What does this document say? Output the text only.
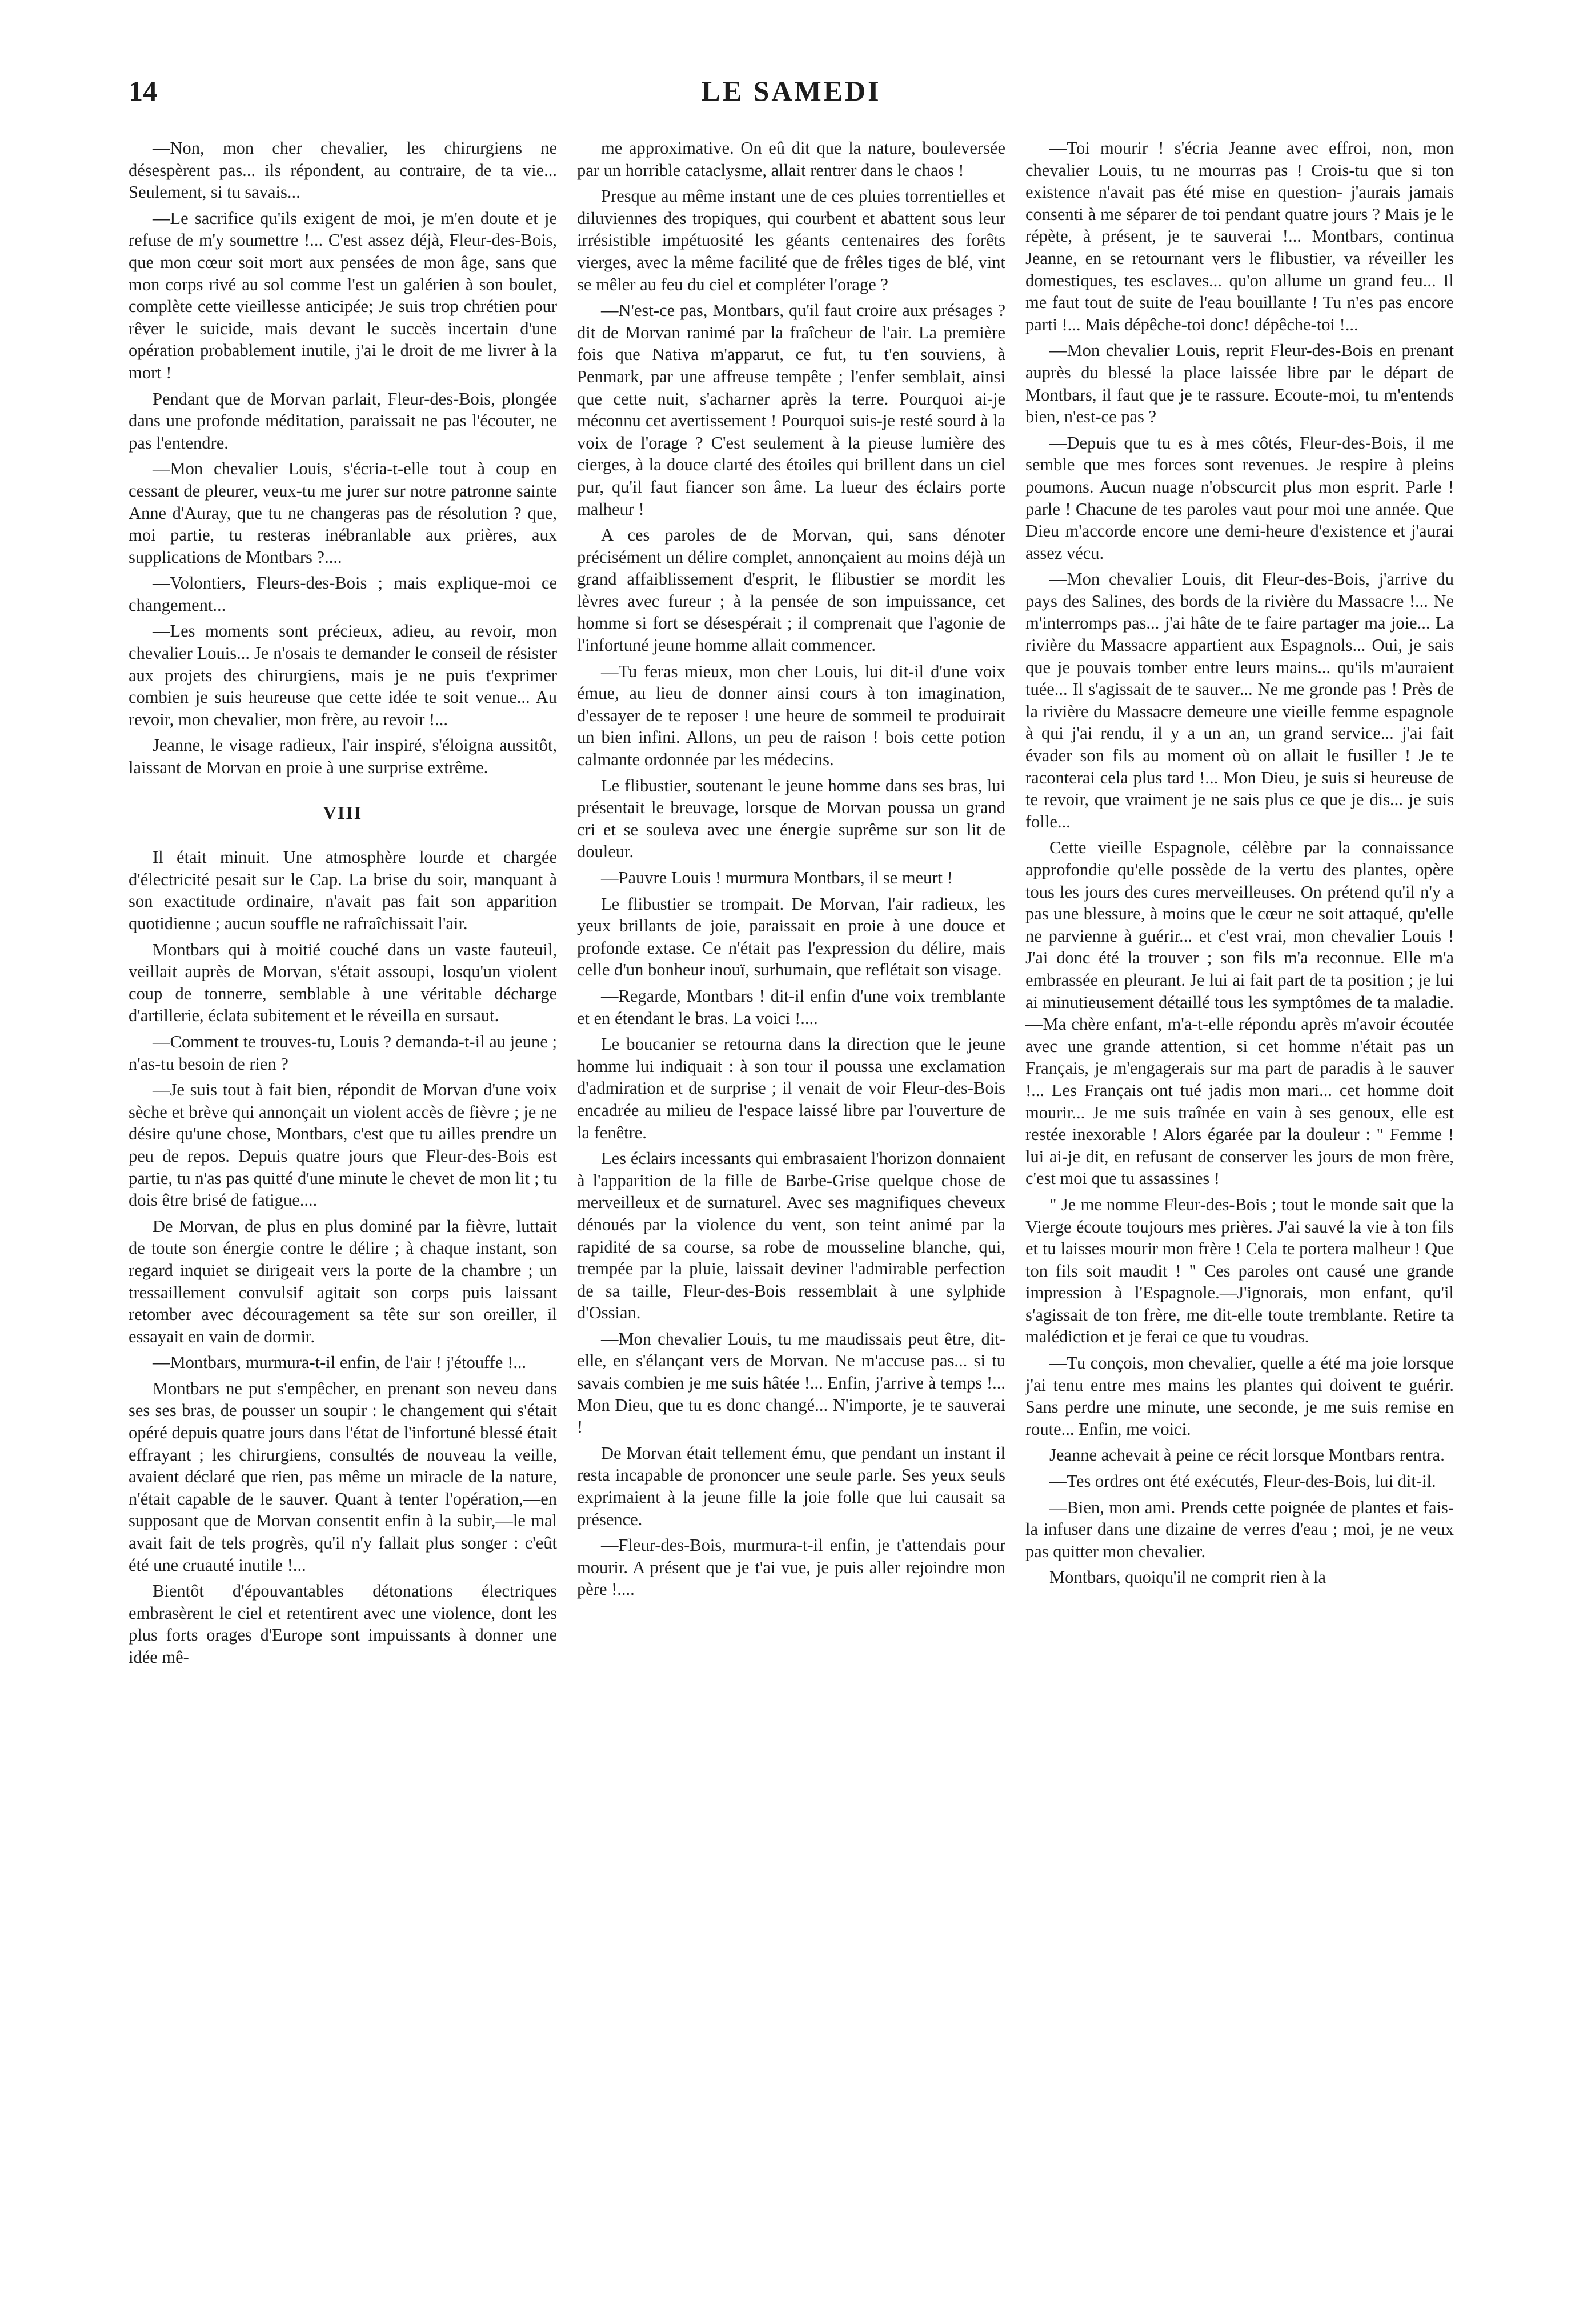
14	LE SAMEDI

—Non, mon cher chevalier, les chirurgiens ne désespèrent pas... ils répondent, au contraire, de ta vie... Seulement, si tu savais...

—Le sacrifice qu'ils exigent de moi, je m'en doute et je refuse de m'y soumettre !... C'est assez déjà, Fleur-des-Bois, que mon cœur soit mort aux pensées de mon âge, sans que mon corps rivé au sol comme l'est un galérien à son boulet, complète cette vieillesse anticipée; Je suis trop chrétien pour rêver le suicide, mais devant le succès incertain d'une opération probablement inutile, j'ai le droit de me livrer à la mort !

Pendant que de Morvan parlait, Fleur-des-Bois, plongée dans une profonde méditation, paraissait ne pas l'écouter, ne pas l'entendre.

—Mon chevalier Louis, s'écria-t-elle tout à coup en cessant de pleurer, veux-tu me jurer sur notre patronne sainte Anne d'Auray, que tu ne changeras pas de résolution ? que, moi partie, tu resteras inébranlable aux prières, aux supplications de Montbars ?....

—Volontiers, Fleurs-des-Bois ; mais explique-moi ce changement...

—Les moments sont précieux, adieu, au revoir, mon chevalier Louis... Je n'osais te demander le conseil de résister aux projets des chirurgiens, mais je ne puis t'exprimer combien je suis heureuse que cette idée te soit venue... Au revoir, mon chevalier, mon frère, au revoir !...

Jeanne, le visage radieux, l'air inspiré, s'éloigna aussitôt, laissant de Morvan en proie à une surprise extrême.

VIII

Il était minuit. Une atmosphère lourde et chargée d'électricité pesait sur le Cap. La brise du soir, manquant à son exactitude ordinaire, n'avait pas fait son apparition quotidienne ; aucun souffle ne rafraîchissait l'air.

Montbars qui à moitié couché dans un vaste fauteuil, veillait auprès de Morvan, s'était assoupi, losqu'un violent coup de tonnerre, semblable à une véritable décharge d'artillerie, éclata subitement et le réveilla en sursaut.

—Comment te trouves-tu, Louis ? demanda-t-il au jeune ; n'as-tu besoin de rien ?

—Je suis tout à fait bien, répondit de Morvan d'une voix sèche et brève qui annonçait un violent accès de fièvre ; je ne désire qu'une chose, Montbars, c'est que tu ailles prendre un peu de repos. Depuis quatre jours que Fleur-des-Bois est partie, tu n'as pas quitté d'une minute le chevet de mon lit ; tu dois être brisé de fatigue....

De Morvan, de plus en plus dominé par la fièvre, luttait de toute son énergie contre le délire ; à chaque instant, son regard inquiet se dirigeait vers la porte de la chambre ; un tressaillement convulsif agitait son corps puis laissant retomber avec découragement sa tête sur son oreiller, il essayait en vain de dormir.

—Montbars, murmura-t-il enfin, de l'air ! j'étouffe !...

Montbars ne put s'empêcher, en prenant son neveu dans ses ses bras, de pousser un soupir : le changement qui s'était opéré depuis quatre jours dans l'état de l'infortuné blessé était effrayant ; les chirurgiens, consultés de nouveau la veille, avaient déclaré que rien, pas même un miracle de la nature, n'était capable de le sauver. Quant à tenter l'opération,—en supposant que de Morvan consentit enfin à la subir,—le mal avait fait de tels progrès, qu'il n'y fallait plus songer : c'eût été une cruauté inutile !...

Bientôt d'épouvantables détonations électriques embrasèrent le ciel et retentirent avec une violence, dont les plus forts orages d'Europe sont impuissants à donner une idée mê-

me approximative. On eû dit que la nature, bouleversée par un horrible cataclysme, allait rentrer dans le chaos !

Presque au même instant une de ces pluies torrentielles et diluviennes des tropiques, qui courbent et abattent sous leur irrésistible impétuosité les géants centenaires des forêts vierges, avec la même facilité que de frêles tiges de blé, vint se mêler au feu du ciel et compléter l'orage ?

—N'est-ce pas, Montbars, qu'il faut croire aux présages ? dit de Morvan ranimé par la fraîcheur de l'air. La première fois que Nativa m'apparut, ce fut, tu t'en souviens, à Penmark, par une affreuse tempête ; l'enfer semblait, ainsi que cette nuit, s'acharner après la terre. Pourquoi ai-je méconnu cet avertissement ! Pourquoi suis-je resté sourd à la voix de l'orage ? C'est seulement à la pieuse lumière des cierges, à la douce clarté des étoiles qui brillent dans un ciel pur, qu'il faut fiancer son âme. La lueur des éclairs porte malheur !

A ces paroles de de Morvan, qui, sans dénoter précisément un délire complet, annonçaient au moins déjà un grand affaiblissement d'esprit, le flibustier se mordit les lèvres avec fureur ; à la pensée de son impuissance, cet homme si fort se désespérait ; il comprenait que l'agonie de l'infortuné jeune homme allait commencer.

—Tu feras mieux, mon cher Louis, lui dit-il d'une voix émue, au lieu de donner ainsi cours à ton imagination, d'essayer de te reposer ! une heure de sommeil te produirait un bien infini. Allons, un peu de raison ! bois cette potion calmante ordonnée par les médecins.

Le flibustier, soutenant le jeune homme dans ses bras, lui présentait le breuvage, lorsque de Morvan poussa un grand cri et se souleva avec une énergie suprême sur son lit de douleur.

—Pauvre Louis ! murmura Montbars, il se meurt !

Le flibustier se trompait. De Morvan, l'air radieux, les yeux brillants de joie, paraissait en proie à une douce et profonde extase. Ce n'était pas l'expression du délire, mais celle d'un bonheur inouï, surhumain, que reflétait son visage.

—Regarde, Montbars ! dit-il enfin d'une voix tremblante et en étendant le bras. La voici !....

Le boucanier se retourna dans la direction que le jeune homme lui indiquait : à son tour il poussa une exclamation d'admiration et de surprise ; il venait de voir Fleur-des-Bois encadrée au milieu de l'espace laissé libre par l'ouverture de la fenêtre.

Les éclairs incessants qui embrasaient l'horizon donnaient à l'apparition de la fille de Barbe-Grise quelque chose de merveilleux et de surnaturel. Avec ses magnifiques cheveux dénoués par la violence du vent, son teint animé par la rapidité de sa course, sa robe de mousseline blanche, qui, trempée par la pluie, laissait deviner l'admirable perfection de sa taille, Fleur-des-Bois ressemblait à une sylphide d'Ossian.

—Mon chevalier Louis, tu me maudissais peut être, dit-elle, en s'élançant vers de Morvan. Ne m'accuse pas... si tu savais combien je me suis hâtée !... Enfin, j'arrive à temps !... Mon Dieu, que tu es donc changé... N'importe, je te sauverai !

De Morvan était tellement ému, que pendant un instant il resta incapable de prononcer une seule parle. Ses yeux seuls exprimaient à la jeune fille la joie folle que lui causait sa présence.

—Fleur-des-Bois, murmura-t-il enfin, je t'attendais pour mourir. A présent que je t'ai vue, je puis aller rejoindre mon père !....

—Toi mourir ! s'écria Jeanne avec effroi, non, mon chevalier Louis, tu ne mourras pas ! Crois-tu que si ton existence n'avait pas été mise en question- j'aurais jamais consenti à me séparer de toi pendant quatre jours ? Mais je le répète, à présent, je te sauverai !... Montbars, continua Jeanne, en se retournant vers le flibustier, va réveiller les domestiques, tes esclaves... qu'on allume un grand feu... Il me faut tout de suite de l'eau bouillante ! Tu n'es pas encore parti !... Mais dépêche-toi donc! dépêche-toi !...

—Mon chevalier Louis, reprit Fleur-des-Bois en prenant auprès du blessé la place laissée libre par le départ de Montbars, il faut que je te rassure. Ecoute-moi, tu m'entends bien, n'est-ce pas ?

—Depuis que tu es à mes côtés, Fleur-des-Bois, il me semble que mes forces sont revenues. Je respire à pleins poumons. Aucun nuage n'obscurcit plus mon esprit. Parle ! parle ! Chacune de tes paroles vaut pour moi une année. Que Dieu m'accorde encore une demi-heure d'existence et j'aurai assez vécu.

—Mon chevalier Louis, dit Fleur-des-Bois, j'arrive du pays des Salines, des bords de la rivière du Massacre !... Ne m'interromps pas... j'ai hâte de te faire partager ma joie... La rivière du Massacre appartient aux Espagnols... Oui, je sais que je pouvais tomber entre leurs mains... qu'ils m'auraient tuée... Il s'agissait de te sauver... Ne me gronde pas ! Près de la rivière du Massacre demeure une vieille femme espagnole à qui j'ai rendu, il y a un an, un grand service... j'ai fait évader son fils au moment où on allait le fusiller ! Je te raconterai cela plus tard !... Mon Dieu, je suis si heureuse de te revoir, que vraiment je ne sais plus ce que je dis... je suis folle...

Cette vieille Espagnole, célèbre par la connaissance approfondie qu'elle possède de la vertu des plantes, opère tous les jours des cures merveilleuses. On prétend qu'il n'y a pas une blessure, à moins que le cœur ne soit attaqué, qu'elle ne parvienne à guérir... et c'est vrai, mon chevalier Louis ! J'ai donc été la trouver ; son fils m'a reconnue. Elle m'a embrassée en pleurant. Je lui ai fait part de ta position ; je lui ai minutieusement détaillé tous les symptômes de ta maladie.—Ma chère enfant, m'a-t-elle répondu après m'avoir écoutée avec une grande attention, si cet homme n'était pas un Français, je m'engagerais sur ma part de paradis à le sauver !... Les Français ont tué jadis mon mari... cet homme doit mourir... Je me suis traînée en vain à ses genoux, elle est restée inexorable ! Alors égarée par la douleur : " Femme ! lui ai-je dit, en refusant de conserver les jours de mon frère, c'est moi que tu assassines !

" Je me nomme Fleur-des-Bois ; tout le monde sait que la Vierge écoute toujours mes prières. J'ai sauvé la vie à ton fils et tu laisses mourir mon frère ! Cela te portera malheur ! Que ton fils soit maudit ! " Ces paroles ont causé une grande impression à l'Espagnole.—J'ignorais, mon enfant, qu'il s'agissait de ton frère, me dit-elle toute tremblante. Retire ta malédiction et je ferai ce que tu voudras.

—Tu conçois, mon chevalier, quelle a été ma joie lorsque j'ai tenu entre mes mains les plantes qui doivent te guérir. Sans perdre une minute, une seconde, je me suis remise en route... Enfin, me voici.

Jeanne achevait à peine ce récit lorsque Montbars rentra.

—Tes ordres ont été exécutés, Fleur-des-Bois, lui dit-il.

—Bien, mon ami. Prends cette poignée de plantes et fais-la infuser dans une dizaine de verres d'eau ; moi, je ne veux pas quitter mon chevalier.

Montbars, quoiqu'il ne comprit rien à la
